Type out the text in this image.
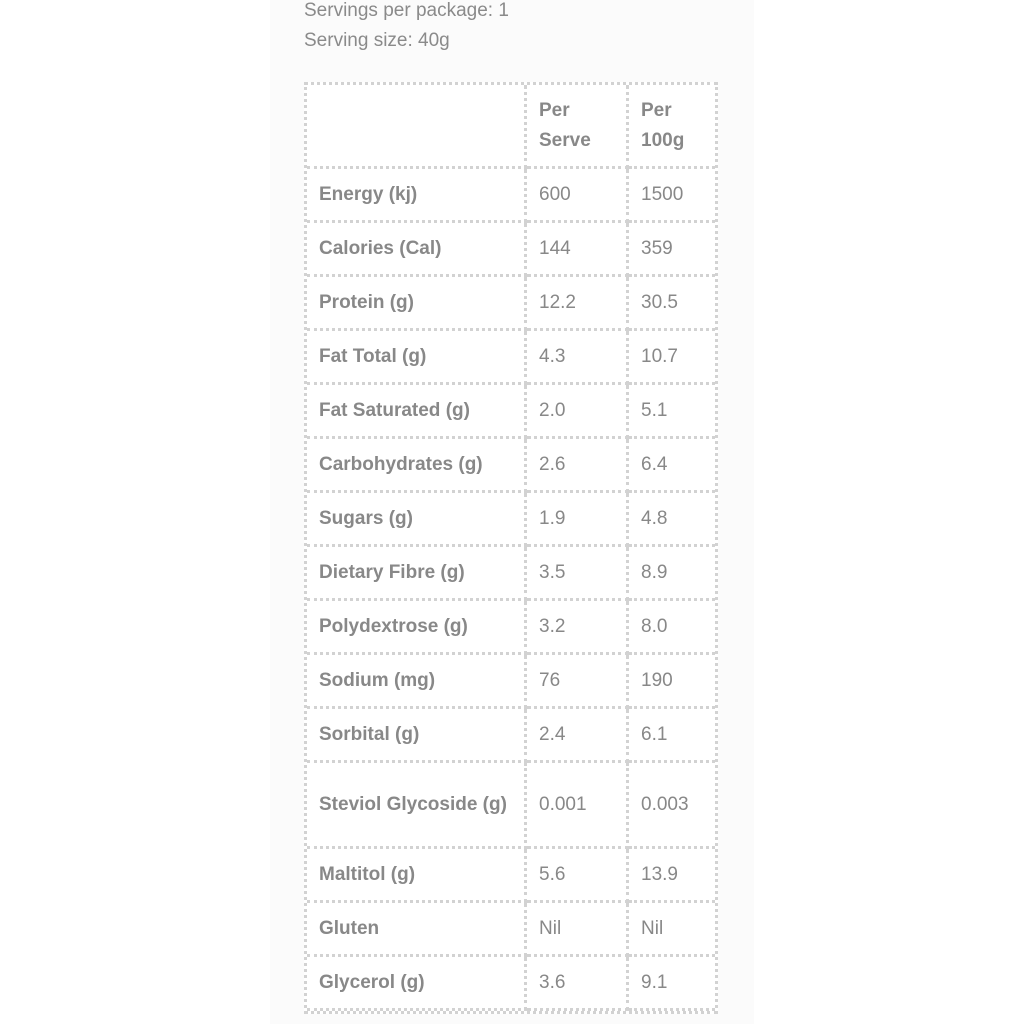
Servings per package: 1
Serving size: 40g
	Per Serve	Per 100g
Energy (kj)	600	1500
Calories (Cal)	144	359
Protein (g)	12.2	30.5
Fat Total (g)	4.3	10.7
Fat Saturated (g)	2.0	5.1
Carbohydrates (g)	2.6	6.4
Sugars (g)	1.9	4.8
Dietary Fibre (g)	3.5	8.9
Polydextrose (g)	3.2	8.0
Sodium (mg)	76	190
Sorbital (g)	2.4	6.1
Steviol Glycoside (g)	0.001	0.003
Maltitol (g)	5.6	13.9
Gluten	Nil	Nil
Glycerol (g)	3.6	9.1
